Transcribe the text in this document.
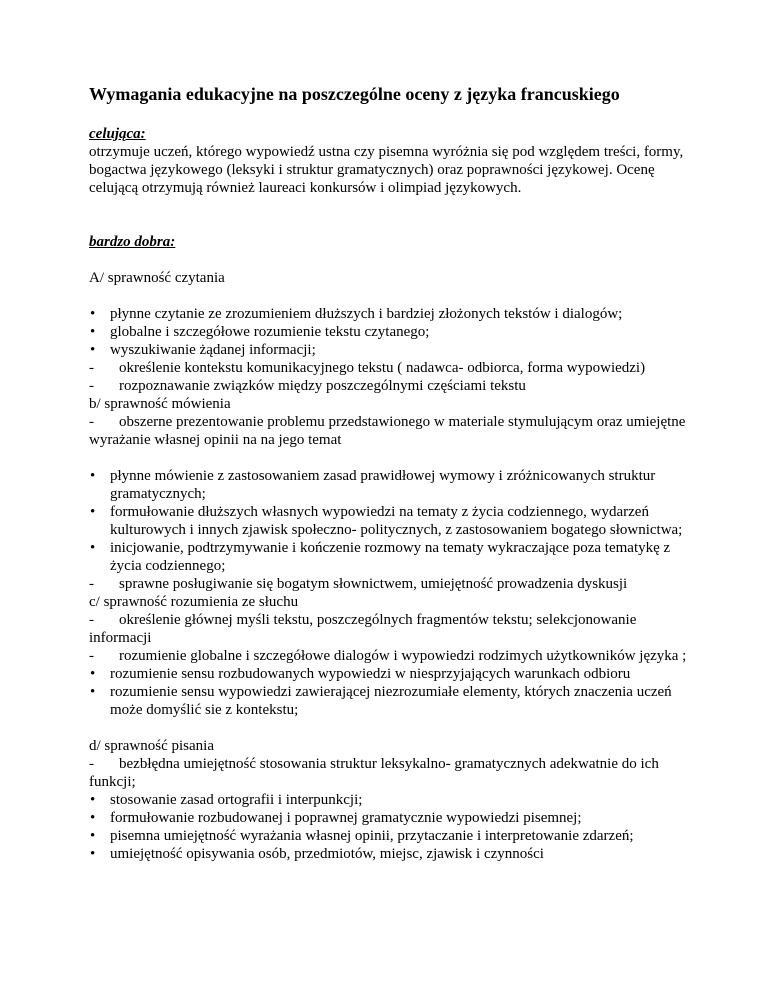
Wymagania edukacyjne na poszczególne oceny z języka francuskiego
celująca:

otrzymuje uczeń, którego wypowiedź ustna czy pisemna wyróżnia się pod względem treści, formy, bogactwa językowego (leksyki i struktur gramatycznych) oraz poprawności językowej. Ocenę celującą otrzymują również laureaci konkursów i olimpiad językowych.

bardzo dobra:

A/ sprawność czytania

• płynne czytanie ze zrozumieniem dłuższych i bardziej złożonych tekstów i dialogów;
• globalne i szczegółowe rozumienie tekstu czytanego;
• wyszukiwanie żądanej informacji;

- określenie kontekstu komunikacyjnego tekstu ( nadawca- odbiorca, forma wypowiedzi)

- rozpoznawanie związków między poszczególnymi częściami tekstu

b/ sprawność mówienia

- obszerne prezentowanie problemu przedstawionego w materiale stymulującym oraz umiejętne wyrażanie własnej opinii na na jego temat

• płynne mówienie z zastosowaniem zasad prawidłowej wymowy i zróżnicowanych struktur gramatycznych;
• formułowanie dłuższych własnych wypowiedzi na tematy z życia codziennego, wydarzeń kulturowych i innych zjawisk społeczno- politycznych, z zastosowaniem bogatego słownictwa;
• inicjowanie, podtrzymywanie i kończenie rozmowy na tematy wykraczające poza tematykę z życia codziennego;

- sprawne posługiwanie się bogatym słownictwem, umiejętność prowadzenia dyskusji

c/ sprawność rozumienia ze słuchu

- określenie głównej myśli tekstu, poszczególnych fragmentów tekstu; selekcjonowanie informacji

- rozumienie globalne i szczegółowe dialogów i wypowiedzi rodzimych użytkowników języka ;

• rozumienie sensu rozbudowanych wypowiedzi w niesprzyjających warunkach odbioru
• rozumienie sensu wypowiedzi zawierającej niezrozumiałe elementy, których znaczenia uczeń może domyślić sie z kontekstu;

d/ sprawność pisania

- bezbłędna umiejętność stosowania struktur leksykalno- gramatycznych adekwatnie do ich funkcji;

• stosowanie zasad ortografii i interpunkcji;
• formułowanie rozbudowanej i poprawnej gramatycznie wypowiedzi pisemnej;
• pisemna umiejętność wyrażania własnej opinii, przytaczanie i interpretowanie zdarzeń;
• umiejętność opisywania osób, przedmiotów, miejsc, zjawisk i czynności
